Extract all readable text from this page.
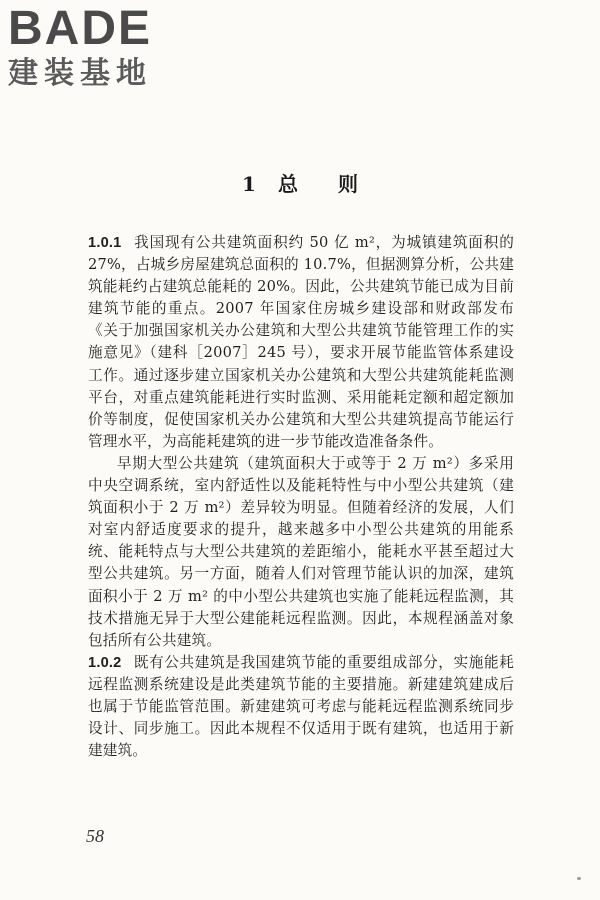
BADE
建装基地
1 总 则

1.0.1 我国现有公共建筑面积约 50 亿 m²，为城镇建筑面积的27%，占城乡房屋建筑总面积的 10.7%，但据测算分析，公共建筑能耗约占建筑总能耗的 20%。因此，公共建筑节能已成为目前建筑节能的重点。2007 年国家住房城乡建设部和财政部发布《关于加强国家机关办公建筑和大型公共建筑节能管理工作的实施意见》（建科［2007］245 号），要求开展节能监管体系建设工作。通过逐步建立国家机关办公建筑和大型公共建筑能耗监测平台，对重点建筑能耗进行实时监测、采用能耗定额和超定额加价等制度，促使国家机关办公建筑和大型公共建筑提高节能运行管理水平，为高能耗建筑的进一步节能改造准备条件。

早期大型公共建筑（建筑面积大于或等于 2 万 m²）多采用中央空调系统，室内舒适性以及能耗特性与中小型公共建筑（建筑面积小于 2 万 m²）差异较为明显。但随着经济的发展，人们对室内舒适度要求的提升，越来越多中小型公共建筑的用能系统、能耗特点与大型公共建筑的差距缩小，能耗水平甚至超过大型公共建筑。另一方面，随着人们对管理节能认识的加深，建筑面积小于 2 万 m² 的中小型公共建筑也实施了能耗远程监测，其技术措施无异于大型公建能耗远程监测。因此，本规程涵盖对象包括所有公共建筑。

1.0.2 既有公共建筑是我国建筑节能的重要组成部分，实施能耗远程监测系统建设是此类建筑节能的主要措施。新建建筑建成后也属于节能监管范围。新建建筑可考虑与能耗远程监测系统同步设计、同步施工。因此本规程不仅适用于既有建筑，也适用于新建建筑。

58
